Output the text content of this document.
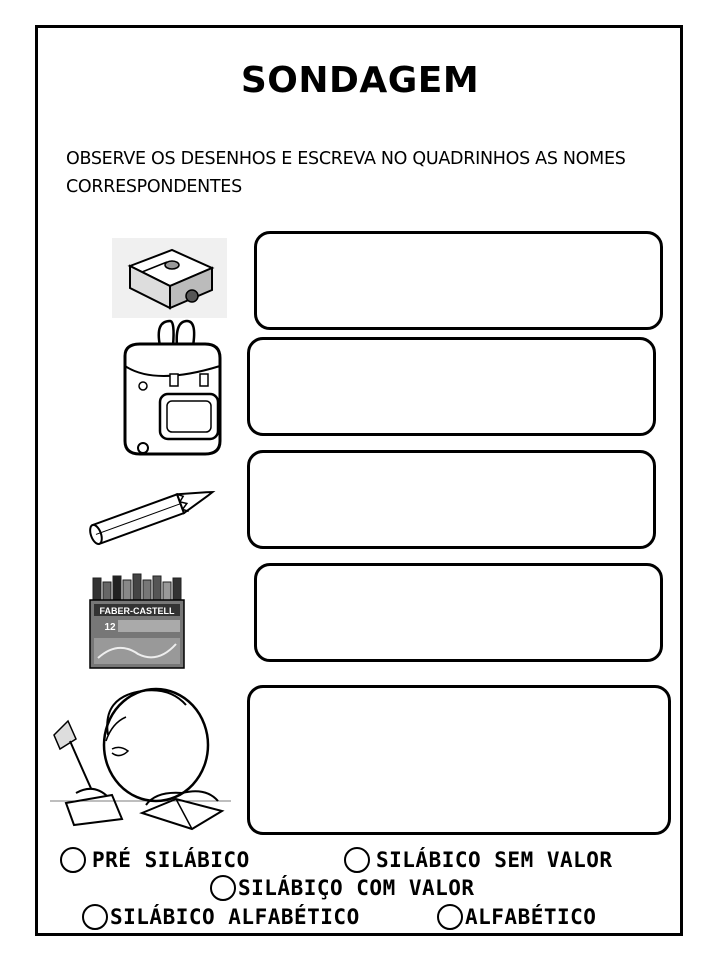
SONDAGEM
OBSERVE OS DESENHOS E ESCREVA NO QUADRINHOS AS NOMES CORRESPONDENTES
FABER-CASTELL
12
PRÉ SILÁBICO	SILÁBICO SEM VALOR
SILÁBIÇO COM VALOR
SILÁBICO ALFABÉTICO	ALFABÉTICO
